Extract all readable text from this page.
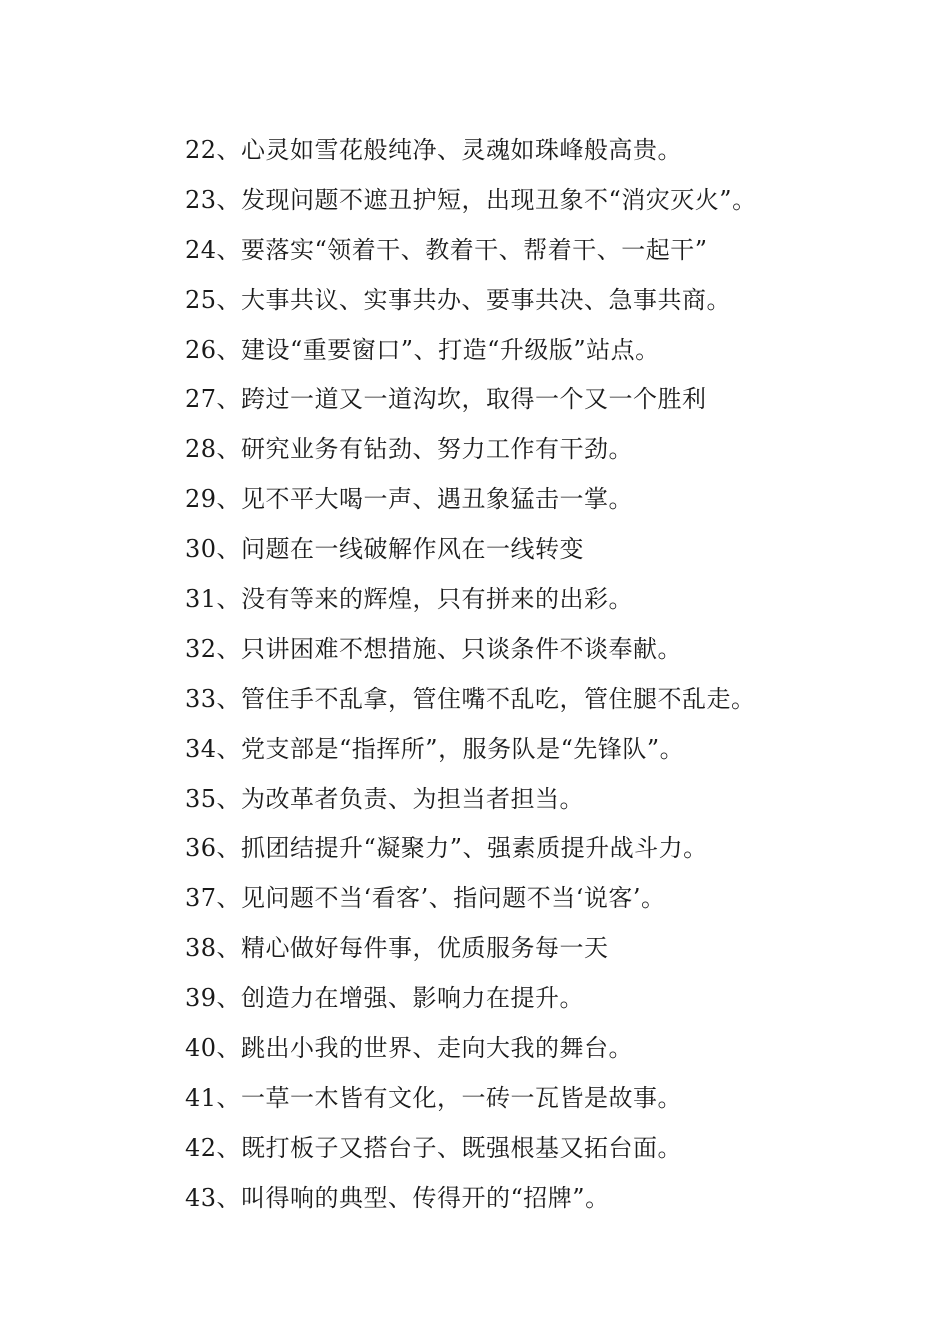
22、心灵如雪花般纯净、灵魂如珠峰般高贵。
23、发现问题不遮丑护短，出现丑象不“消灾灭火”。
24、要落实“领着干、教着干、帮着干、一起干”
25、大事共议、实事共办、要事共决、急事共商。
26、建设“重要窗口”、打造“升级版”站点。
27、跨过一道又一道沟坎，取得一个又一个胜利
28、研究业务有钻劲、努力工作有干劲。
29、见不平大喝一声、遇丑象猛击一掌。
30、问题在一线破解作风在一线转变
31、没有等来的辉煌，只有拼来的出彩。
32、只讲困难不想措施、只谈条件不谈奉献。
33、管住手不乱拿，管住嘴不乱吃，管住腿不乱走。
34、党支部是“指挥所”，服务队是“先锋队”。
35、为改革者负责、为担当者担当。
36、抓团结提升“凝聚力”、强素质提升战斗力。
37、见问题不当‘看客’、指问题不当‘说客’。
38、精心做好每件事，优质服务每一天
39、创造力在增强、影响力在提升。
40、跳出小我的世界、走向大我的舞台。
41、一草一木皆有文化，一砖一瓦皆是故事。
42、既打板子又搭台子、既强根基又拓台面。
43、叫得响的典型、传得开的“招牌”。
